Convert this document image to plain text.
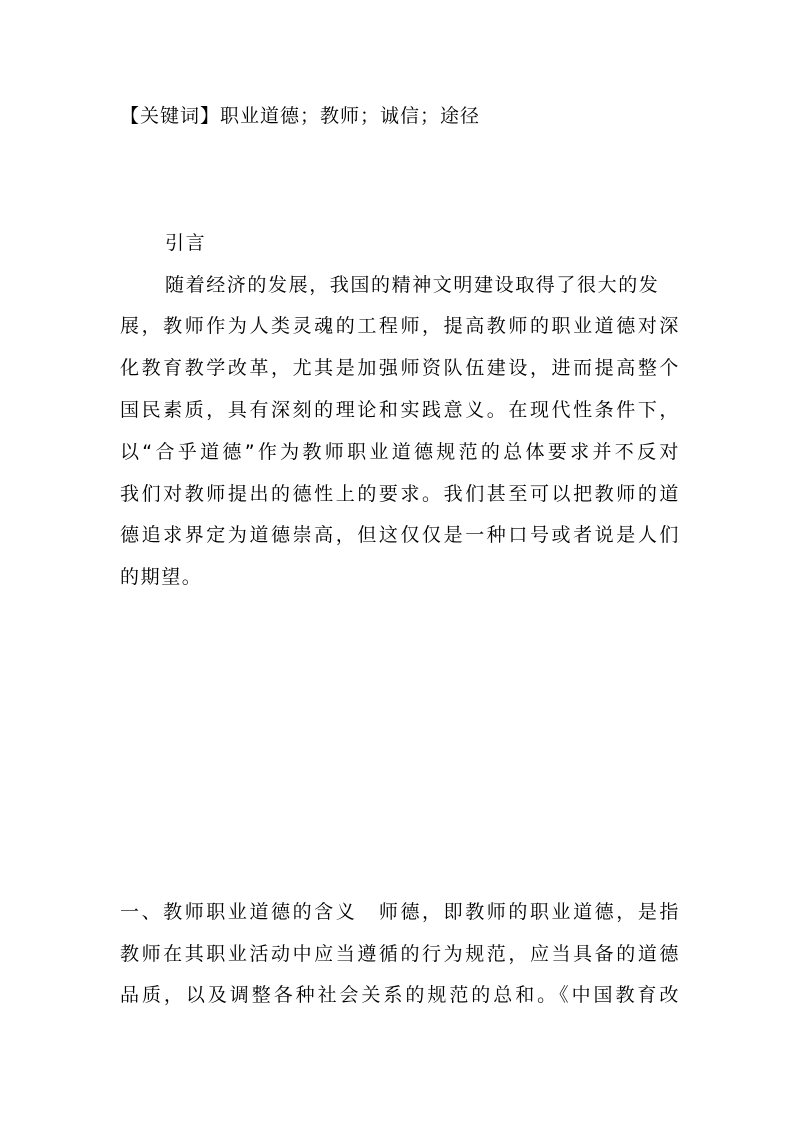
【关键词】职业道德；教师；诚信；途径
引言
随着经济的发展，我国的精神文明建设取得了很大的发
展，教师作为人类灵魂的工程师，提高教师的职业道德对深
化教育教学改革，尤其是加强师资队伍建设，进而提高整个
国民素质，具有深刻的理论和实践意义。在现代性条件下，
以“合乎道德”作为教师职业道德规范的总体要求并不反对
我们对教师提出的德性上的要求。我们甚至可以把教师的道
德追求界定为道德崇高，但这仅仅是一种口号或者说是人们
的期望。
一、教师职业道德的含义　师德，即教师的职业道德，是指
教师在其职业活动中应当遵循的行为规范，应当具备的道德
品质，以及调整各种社会关系的规范的总和。《中国教育改
